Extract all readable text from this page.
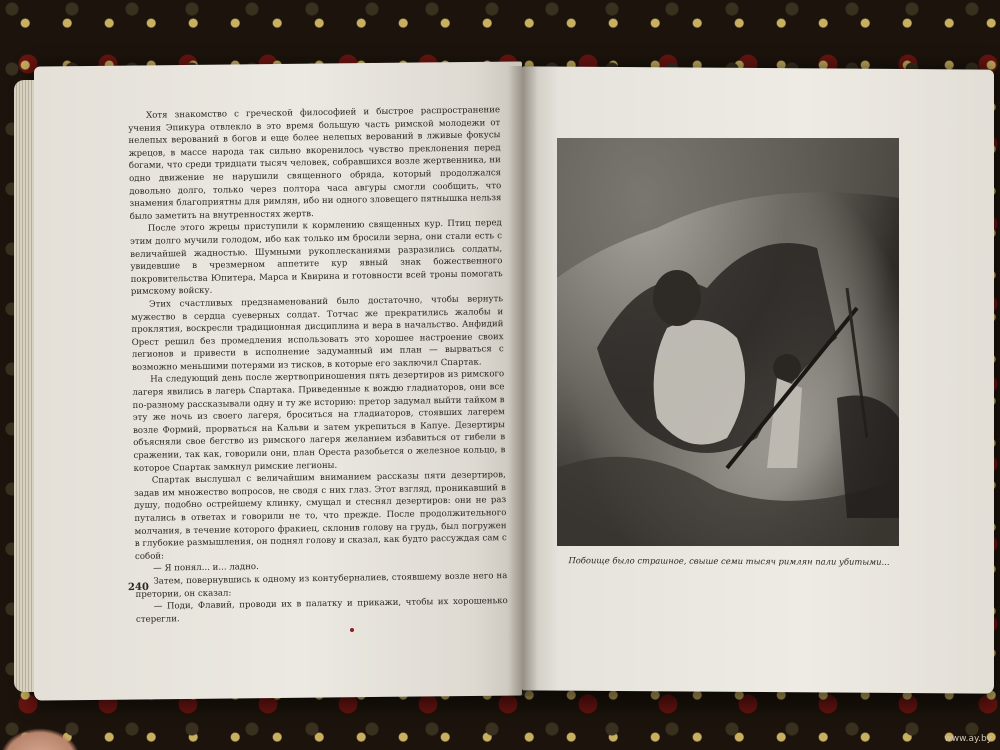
Хотя знакомство с греческой философией и быстрое распространение учения Эпикура отвлекло в это время большую часть римской молодежи от нелепых верований в богов и еще более нелепых верований в лживые фокусы жрецов, в массе народа так сильно вкоренилось чувство преклонения перед богами, что среди тридцати тысяч человек, собравшихся возле жертвенника, ни одно движение не нарушили священного обряда, который продолжался довольно долго, только через полтора часа авгуры смогли сообщить, что знамения благоприятны для римлян, ибо ни одного зловещего пятнышка нельзя было заметить на внутренностях жертв.

После этого жрецы приступили к кормлению священных кур. Птиц перед этим долго мучили голодом, ибо как только им бросили зерна, они стали есть с величайшей жадностью. Шумными рукоплесканиями разразились солдаты, увидевшие в чрезмерном аппетите кур явный знак божественного покровительства Юпитера, Марса и Квирина и готовности всей троны помогать римскому войску.

Этих счастливых предзнаменований было достаточно, чтобы вернуть мужество в сердца суеверных солдат. Тотчас же прекратились жалобы и проклятия, воскресли традиционная дисциплина и вера в начальство. Анфидий Орест решил без промедления использовать это хорошее настроение своих легионов и привести в исполнение задуманный им план — вырваться с возможно меньшими потерями из тисков, в которые его заключил Спартак.

На следующий день после жертвоприношения пять дезертиров из римского лагеря явились в лагерь Спартака. Приведенные к вождю гладиаторов, они все по-разному рассказывали одну и ту же историю: претор задумал выйти тайком в эту же ночь из своего лагеря, броситься на гладиаторов, стоявших лагерем возле Формий, прорваться на Кальви и затем укрепиться в Капуе. Дезертиры объясняли свое бегство из римского лагеря желанием избавиться от гибели в сражении, так как, говорили они, план Ореста разобьется о железное кольцо, в которое Спартак замкнул римские легионы.

Спартак выслушал с величайшим вниманием рассказы пяти дезертиров, задав им множество вопросов, не сводя с них глаз. Этот взгляд, проникавший в душу, подобно острейшему клинку, смущал и стеснял дезертиров: они не раз путались в ответах и говорили не то, что прежде. После продолжительного молчания, в течение которого фракиец, склонив голову на грудь, был погружен в глубокие размышления, он поднял голову и сказал, как будто рассуждая сам с собой:

— Я понял... и... ладно.

Затем, повернувшись к одному из контуберналиев, стоявшему возле него на претории, он сказал:

— Поди, Флавий, проводи их в палатку и прикажи, чтобы их хорошенько стерегли.

240
Побоище было страшное, свыше семи тысяч римлян пали убитыми...
www.ay.by
